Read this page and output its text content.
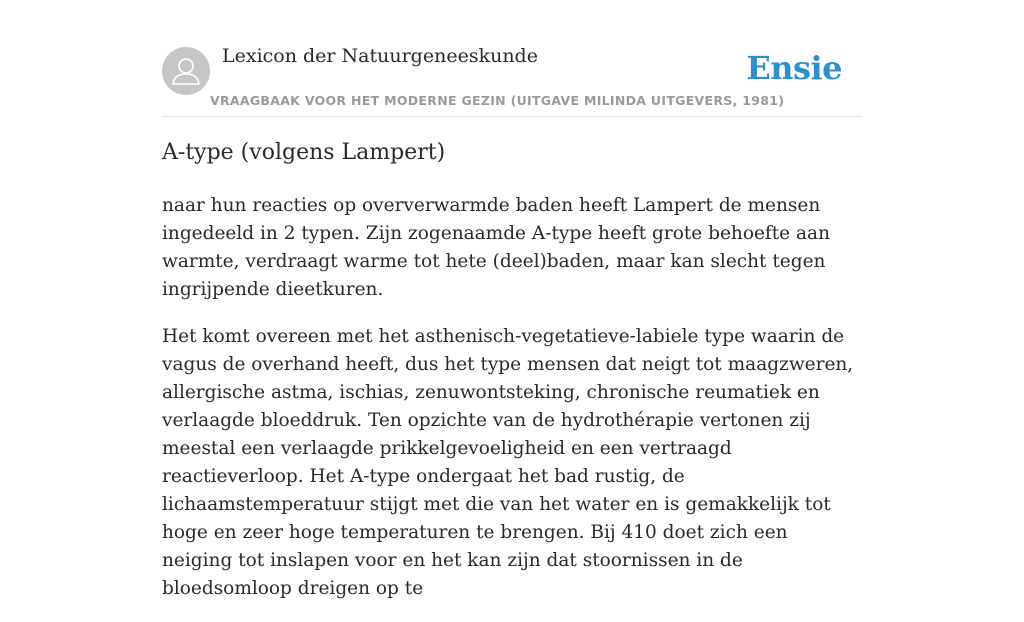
Lexicon der Natuurgeneeskunde
VRAAGBAAK VOOR HET MODERNE GEZIN (UITGAVE MILINDA UITGEVERS, 1981)
Ensie
A-type (volgens Lampert)

naar hun reacties op oververwarmde baden heeft Lampert de mensen ingedeeld in 2 typen. Zijn zogenaamde A-type heeft grote behoefte aan warmte, verdraagt warme tot hete (deel)baden, maar kan slecht tegen ingrijpende dieetkuren.

Het komt overeen met het asthenisch-vegetatieve-labiele type waarin de vagus de overhand heeft, dus het type mensen dat neigt tot maagzweren, allergische astma, ischias, zenuwontsteking, chronische reumatiek en verlaagde bloeddruk. Ten opzichte van de hydrothérapie vertonen zij meestal een verlaagde prikkelgevoeligheid en een vertraagd reactieverloop. Het A-type ondergaat het bad rustig, de lichaamstemperatuur stijgt met die van het water en is gemakkelijk tot hoge en zeer hoge temperaturen te brengen. Bij 410 doet zich een neiging tot inslapen voor en het kan zijn dat stoornissen in de bloedsomloop dreigen op te
